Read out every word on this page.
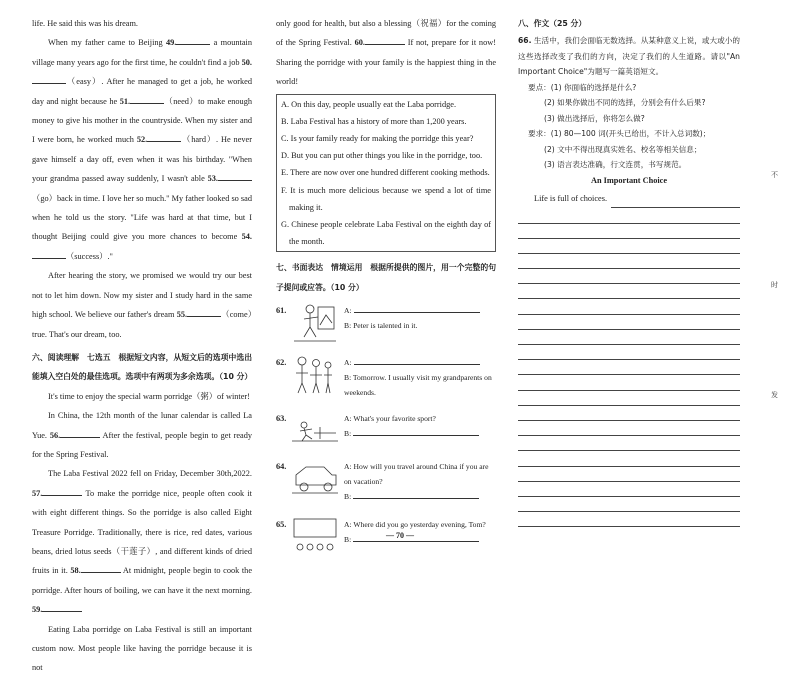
life. He said this was his dream.

When my father came to Beijing 49.	a mountain village many years ago for the first time, he couldn't find a job 50.（easy）. After he managed to get a job, he worked day and night because he 51.	（need）to make enough money to give his mother in the countryside. When my sister and I were born, he worked much 52.	（hard）. He never gave himself a day off, even when it was his birthday. "When your grandma passed away suddenly, I wasn't able 53.（go）back in time. I love her so much." My father looked so sad when he told us the story. "Life was hard at that time, but I thought Beijing could give you more chances to become 54.（success）."

After hearing the story, we promised we would try our best not to let him down. Now my sister and I study hard in the same high school. We believe our father's dream 55.	（come）true. That's our dream, too.

六、阅读理解　七选五　根据短文内容，从短文后的选项中选出能填入空白处的最佳选项。选项中有两项为多余选项。（10 分）

It's time to enjoy the special warm porridge（粥）of winter!

In China, the 12th month of the lunar calendar is called La Yue. 56.	After the festival, people begin to get ready for the Spring Festival.

The Laba Festival 2022 fell on Friday, December 30th,2022. 57.	To make the porridge nice, people often cook it with eight different things. So the porridge is also called Eight Treasure Porridge. Traditionally, there is rice, red dates, various beans, dried lotus seeds（干莲子）, and different kinds of dried fruits in it. 58.	At midnight, people begin to cook the porridge. After hours of boiling, we can have it the next morning. 59.

Eating Laba porridge on Laba Festival is still an important custom now. Most people like having the porridge because it is not

only good for health, but also a blessing（祝福）for the coming of the Spring Festival. 60.	If not, prepare for it now! Sharing the porridge with your family is the happiest thing in the world!

A. On this day, people usually eat the Laba porridge.

B. Laba Festival has a history of more than 1,200 years.

C. Is your family ready for making the porridge this year?

D. But you can put other things you like in the porridge, too.

E. There are now over one hundred different cooking methods.

F. It is much more delicious because we spend a lot of time making it.

G. Chinese people celebrate Laba Festival on the eighth day of the month.

七、书面表达　情境运用　根据所提供的图片，用一个完整的句子提问或应答。（10 分）

61.	A:
B: Peter is talented in it.
62.	A:
B: Tomorrow. I usually visit my grandparents on weekends.
63.	A: What's your favorite sport?
B:
64.	A: How will you travel around China if you are on vacation?
B:
65.	A: Where did you go yesterday evening, Tom?
B:

八、作文（25 分）

66. 生活中，我们会面临无数选择。从某种意义上说，或大或小的这些选择改变了我们的方向，决定了我们的人生道路。请以"An Important Choice"为题写一篇英语短文。

要点：(1) 你面临的选择是什么?

(2) 如果你做出不同的选择，分别会有什么后果?

(3) 做出选择后，你将怎么做?

要求：(1) 80—100 词(开头已给出，不计入总词数)；

(2) 文中不得出现真实姓名、校名等相关信息；

(3) 语言表达准确，行文连贯，书写规范。

An Important Choice

Life is full of choices.
不
时
发
— 70 —
